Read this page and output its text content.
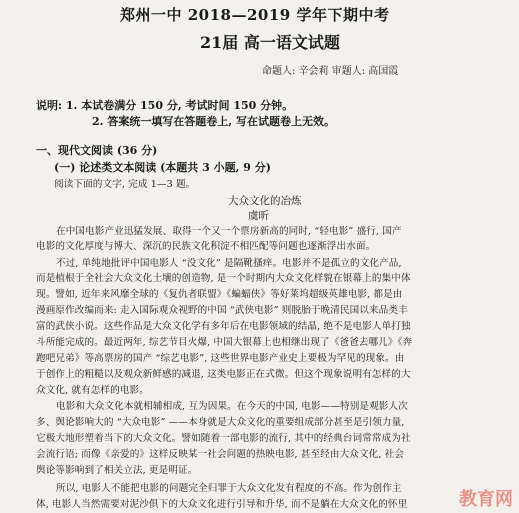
郑州一中 2018—2019 学年下期中考
21届 高一语文试题
命题人: 辛会莉 审题人: 高国霞
说明: 1. 本试卷满分 150 分, 考试时间 150 分钟。
2. 答案统一填写在答题卷上, 写在试题卷上无效。
一、现代文阅读 (36 分)
(一) 论述类文本阅读 (本题共 3 小题, 9 分)
阅读下面的文字, 完成 1—3 题。
大众文化的冶炼
虞昕
在中国电影产业迅猛发展、取得一个又一个票房新高的同时, “轻电影” 盛行, 国产
电影的文化厚度与博大、深沉的民族文化积淀不相匹配等问题也逐渐浮出水面。
不过, 单纯地批评中国电影人 “没文化” 是隔靴搔痒。电影并不是孤立的文化产品,
而是植根于全社会大众文化土壤的创造物, 是一个时期内大众文化样貌在银幕上的集中体
现。譬如, 近年来风靡全球的《复仇者联盟》《蝙蝠侠》等好莱坞超级英雄电影, 都是由
漫画原作改编而来: 走入国际观众视野的中国 “武侠电影” 则脱胎于晚清民国以来品类丰
富的武侠小说。这些作品是大众文化学有多年后在电影领域的结晶, 绝不是电影人单打独
斗所能完成的。最近两年, 综艺节目火爆, 中国大银幕上也相继出现了《爸爸去哪儿》《奔
跑吧兄弟》等高票房的国产 “综艺电影”, 这些世界电影产业史上要极为罕见的现象。由
于创作上的粗糙以及观众新鲜感的减退, 这类电影正在式微。但这个现象说明有怎样的大
众文化, 就有怎样的电影。
电影和大众文化本就相辅相成, 互为因果。在今天的中国, 电影——特别是观影人次
多、舆论影响大的 “大众电影” ——本身就是大众文化的重要组成部分甚至是引领力量,
它极大地形塑着当下的大众文化。譬如随着一部电影的流行, 其中的经典台词常常成为社
会流行语; 而像《亲爱的》这样反映某一社会问题的热映电影, 甚至经由大众文化, 社会
舆论等影响到了相关立法, 更是明证。
所以, 电影人不能把电影的问题完全归罪于大众文化发有程度的不高。作为创作主
体, 电影人当然需要对泥沙俱下的大众文化进行引导和升华, 而不是躺在大众文化的怀里	教育网
